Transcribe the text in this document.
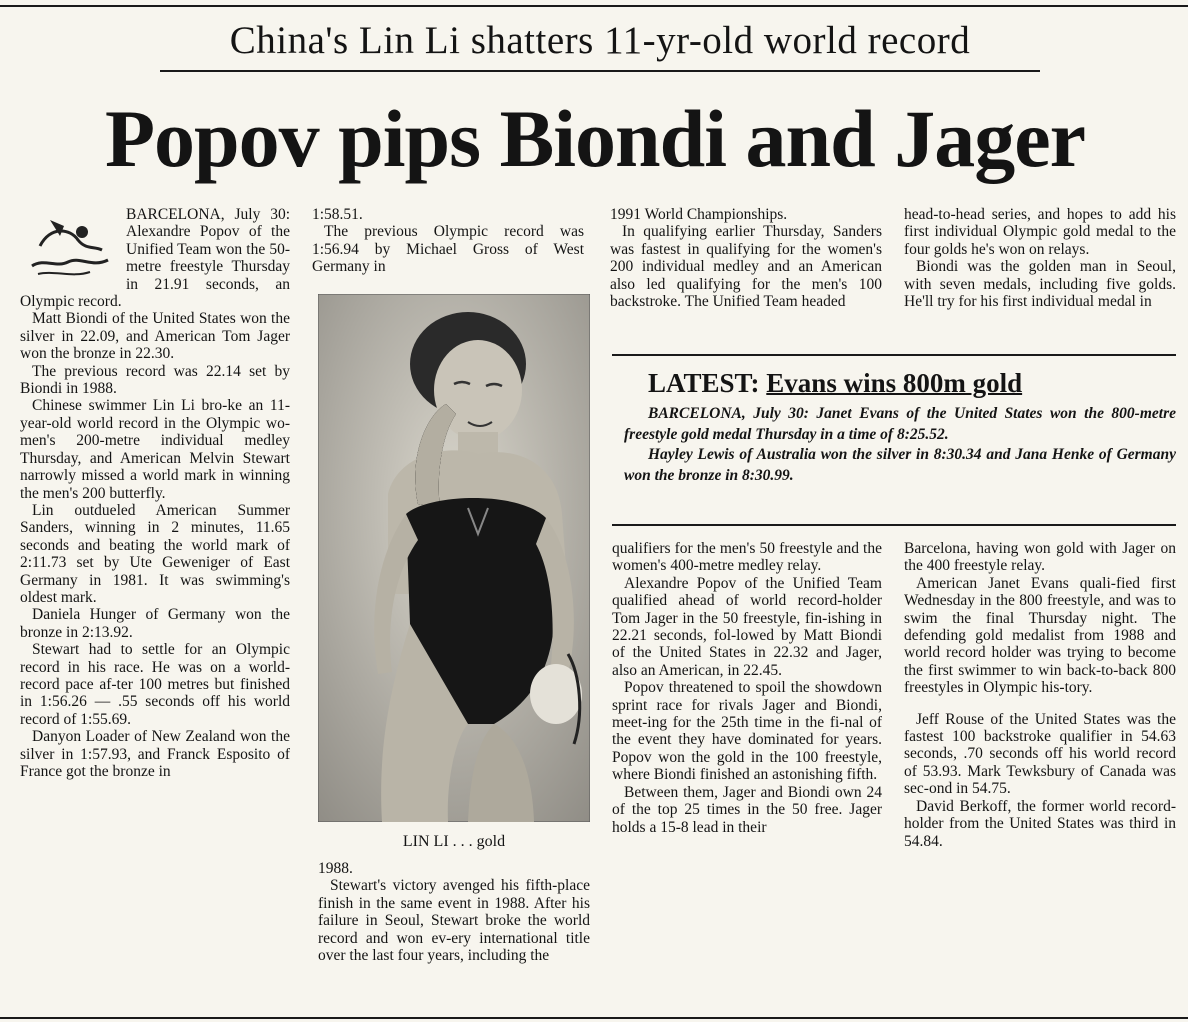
China's Lin Li shatters 11-yr-old world record
Popov pips Biondi and Jager

BARCELONA, July 30: Alexandre Popov of the Unified Team won the 50-metre freestyle Thursday in 21.91 seconds, an Olympic record.

Matt Biondi of the United States won the silver in 22.09, and American Tom Jager won the bronze in 22.30.

The previous record was 22.14 set by Biondi in 1988.

Chinese swimmer Lin Li bro-ke an 11-year-old world record in the Olympic wo-men's 200-metre individual medley Thursday, and American Melvin Stewart narrowly missed a world mark in winning the men's 200 butterfly.

Lin outdueled American Summer Sanders, winning in 2 minutes, 11.65 seconds and beating the world mark of 2:11.73 set by Ute Geweniger of East Germany in 1981. It was swimming's oldest mark.

Daniela Hunger of Germany won the bronze in 2:13.92.

Stewart had to settle for an Olympic record in his race. He was on a world-record pace af-ter 100 metres but finished in 1:56.26 — .55 seconds off his world record of 1:55.69.

Danyon Loader of New Zealand won the silver in 1:57.93, and Franck Esposito of France got the bronze in

1:58.51.

The previous Olympic record was 1:56.94 by Michael Gross of West Germany in

LIN LI . . . gold

1988.

Stewart's victory avenged his fifth-place finish in the same event in 1988. After his failure in Seoul, Stewart broke the world record and won ev-ery international title over the last four years, including the

1991 World Championships.

In qualifying earlier Thursday, Sanders was fastest in qualifying for the women's 200 individual medley and an American also led qualifying for the men's 100 backstroke. The Unified Team headed

head-to-head series, and hopes to add his first individual Olympic gold medal to the four golds he's won on relays.

Biondi was the golden man in Seoul, with seven medals, including five golds. He'll try for his first individual medal in

LATEST: Evans wins 800m gold

BARCELONA, July 30: Janet Evans of the United States won the 800-metre freestyle gold medal Thursday in a time of 8:25.52.

Hayley Lewis of Australia won the silver in 8:30.34 and Jana Henke of Germany won the bronze in 8:30.99.

qualifiers for the men's 50 freestyle and the women's 400-metre medley relay.

Alexandre Popov of the Unified Team qualified ahead of world record-holder Tom Jager in the 50 freestyle, fin-ishing in 22.21 seconds, fol-lowed by Matt Biondi of the United States in 22.32 and Jager, also an American, in 22.45.

Popov threatened to spoil the showdown sprint race for rivals Jager and Biondi, meet-ing for the 25th time in the fi-nal of the event they have dominated for years. Popov won the gold in the 100 freestyle, where Biondi finished an astonishing fifth.

Between them, Jager and Biondi own 24 of the top 25 times in the 50 free. Jager holds a 15-8 lead in their

Barcelona, having won gold with Jager on the 400 freestyle relay.

American Janet Evans quali-fied first Wednesday in the 800 freestyle, and was to swim the final Thursday night. The defending gold medalist from 1988 and world record holder was trying to become the first swimmer to win back-to-back 800 freestyles in Olympic his-tory.

Jeff Rouse of the United States was the fastest 100 backstroke qualifier in 54.63 seconds, .70 seconds off his world record of 53.93. Mark Tewksbury of Canada was sec-ond in 54.75.

David Berkoff, the former world record-holder from the United States was third in 54.84.
